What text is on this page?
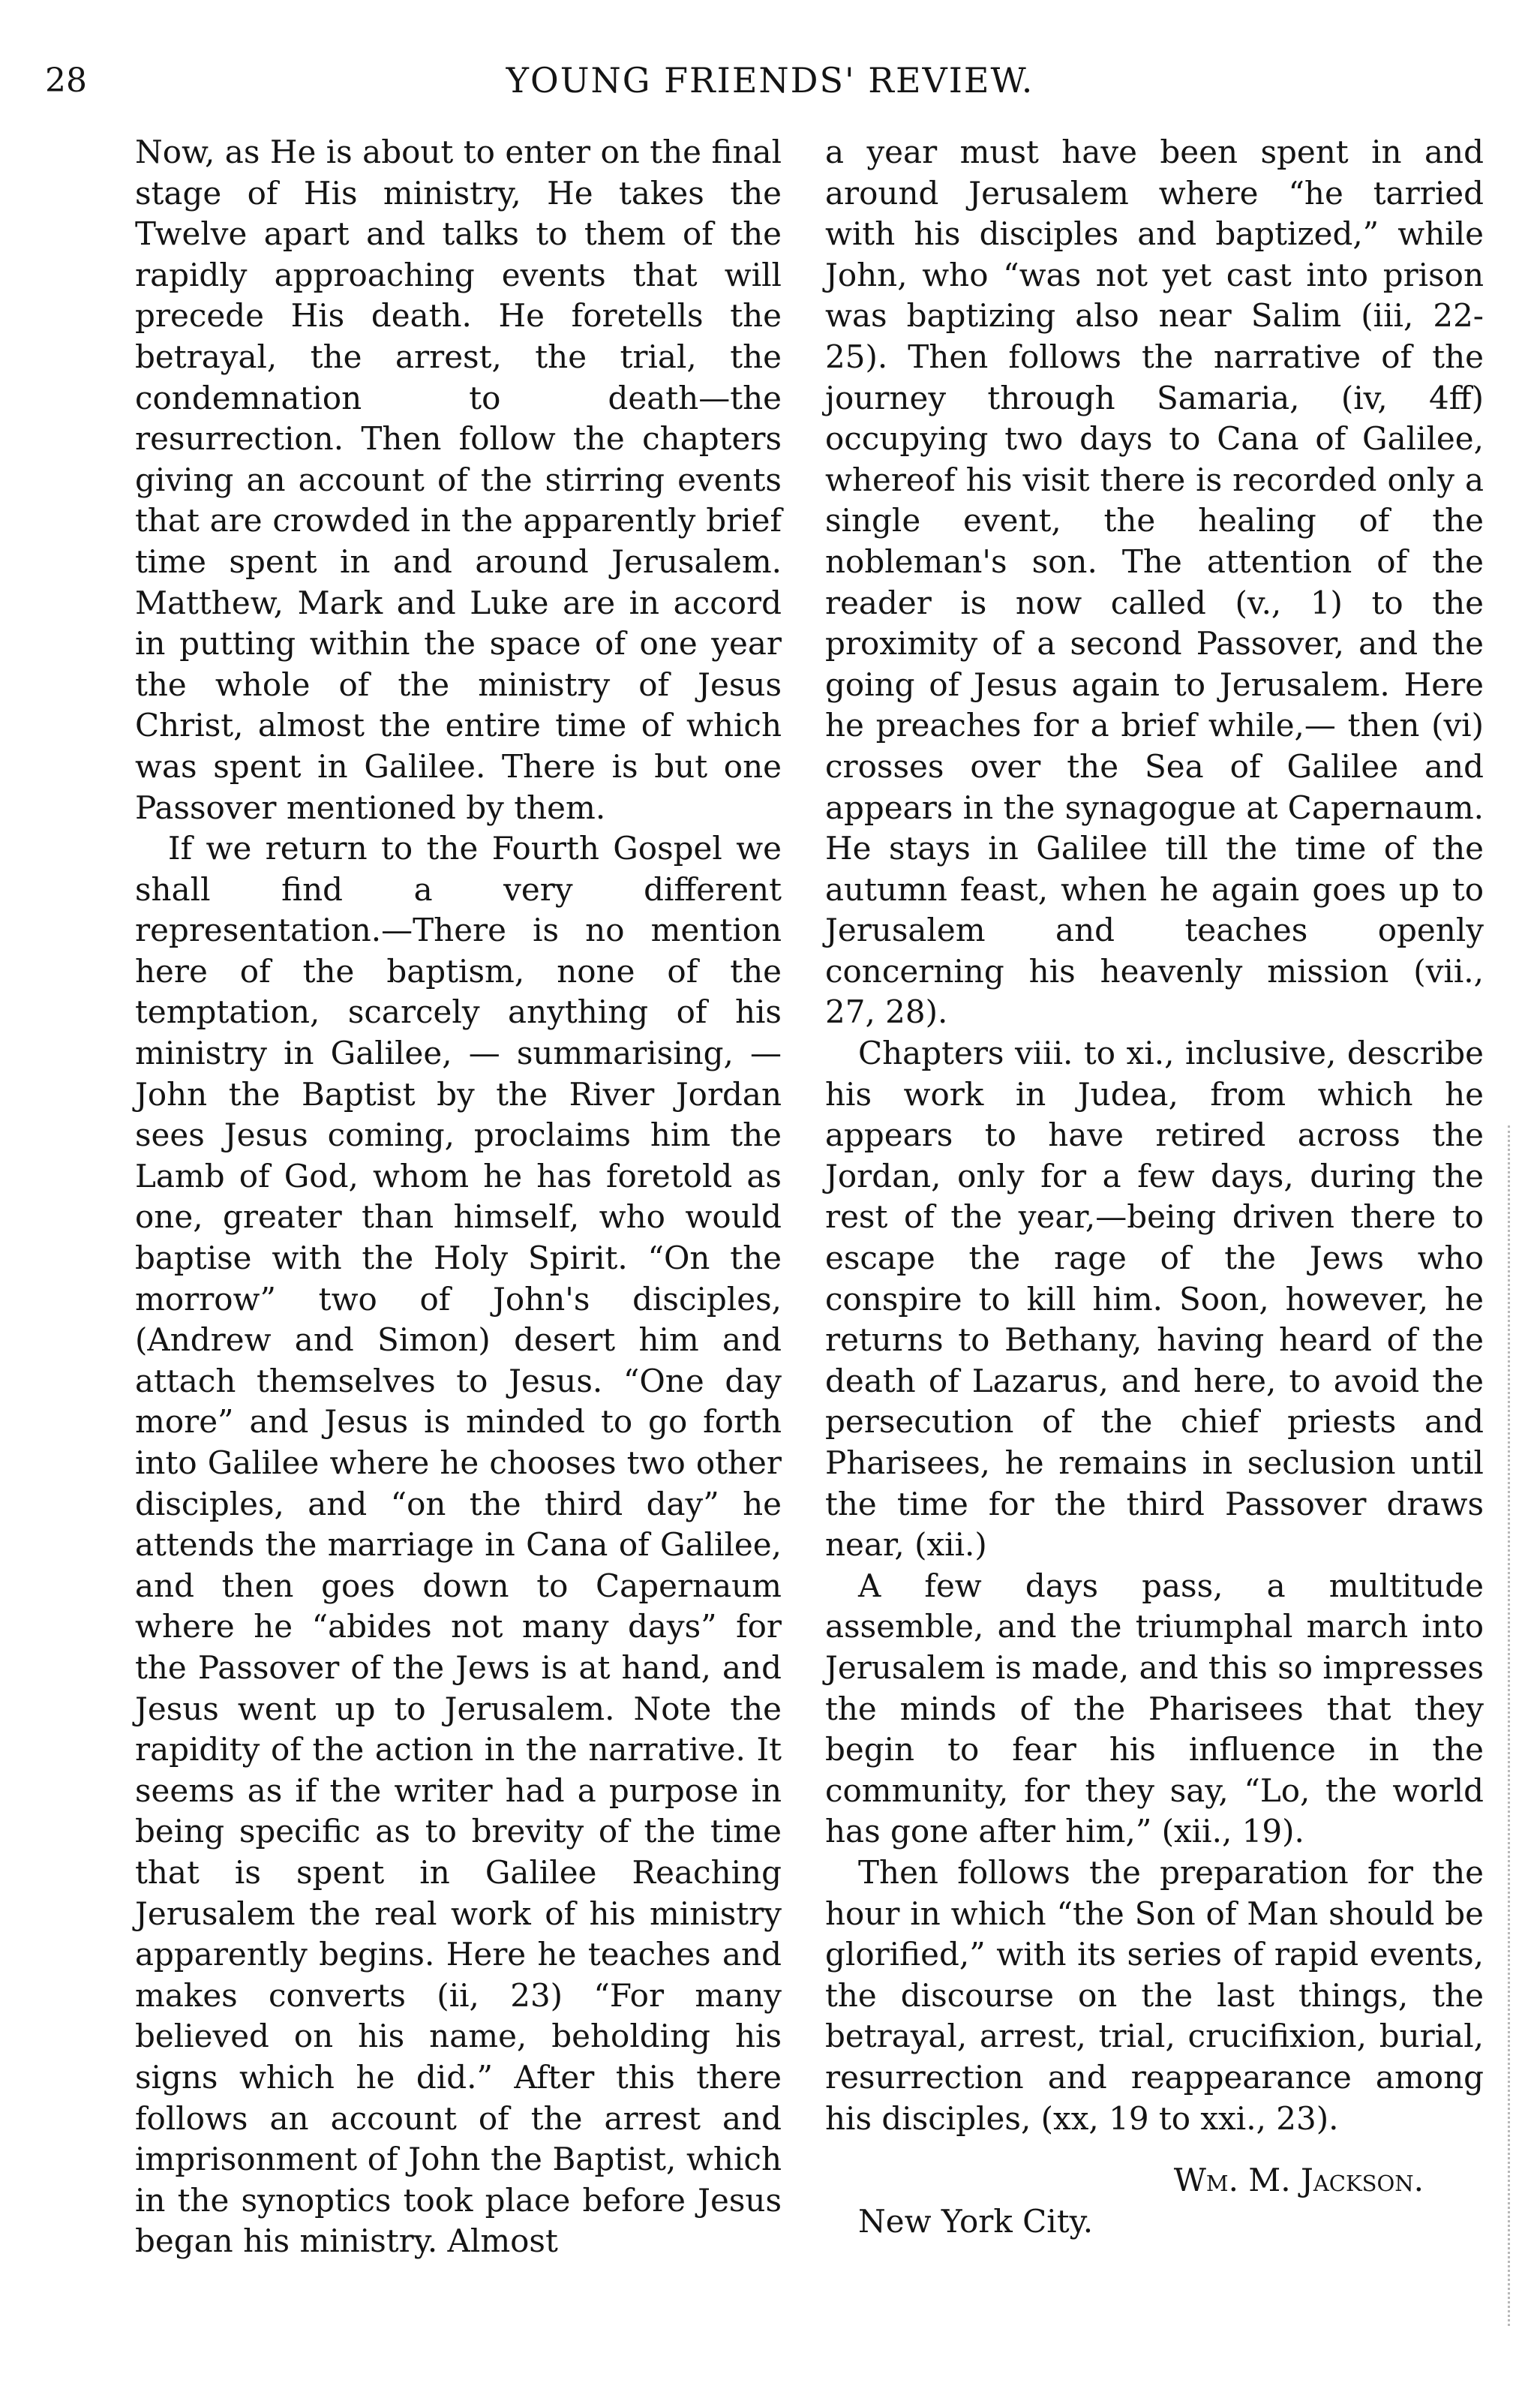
28	YOUNG FRIENDS' REVIEW.

Now, as He is about to enter on the final stage of His ministry, He takes the Twelve apart and talks to them of the rapidly approaching events that will precede His death. He foretells the betrayal, the arrest, the trial, the condemnation to death—the resurrection. Then follow the chapters giving an account of the stirring events that are crowded in the apparently brief time spent in and around Jerusalem. Matthew, Mark and Luke are in accord in putting within the space of one year the whole of the ministry of Jesus Christ, almost the entire time of which was spent in Galilee. There is but one Passover mentioned by them.

If we return to the Fourth Gospel we shall find a very different representation.—There is no mention here of the baptism, none of the temptation, scarcely anything of his ministry in Galilee, — summarising, — John the Baptist by the River Jordan sees Jesus coming, proclaims him the Lamb of God, whom he has foretold as one, greater than himself, who would baptise with the Holy Spirit. “On the morrow” two of John's disciples, (Andrew and Simon) desert him and attach themselves to Jesus. “One day more” and Jesus is minded to go forth into Galilee where he chooses two other disciples, and “on the third day” he attends the marriage in Cana of Galilee, and then goes down to Capernaum where he “abides not many days” for the Passover of the Jews is at hand, and Jesus went up to Jerusalem. Note the rapidity of the action in the narrative. It seems as if the writer had a purpose in being specific as to brevity of the time that is spent in Galilee Reaching Jerusalem the real work of his ministry apparently begins. Here he teaches and makes converts (ii, 23) “For many believed on his name, beholding his signs which he did.” After this there follows an account of the arrest and imprisonment of John the Baptist, which in the synoptics took place before Jesus began his ministry. Almost

a year must have been spent in and around Jerusalem where “he tarried with his disciples and baptized,” while John, who “was not yet cast into prison was baptizing also near Salim (iii, 22-25). Then follows the narrative of the journey through Samaria, (iv, 4ff) occupying two days to Cana of Galilee, whereof his visit there is recorded only a single event, the healing of the nobleman's son. The attention of the reader is now called (v., 1) to the proximity of a second Passover, and the going of Jesus again to Jerusalem. Here he preaches for a brief while,— then (vi) crosses over the Sea of Galilee and appears in the synagogue at Capernaum. He stays in Galilee till the time of the autumn feast, when he again goes up to Jerusalem and teaches openly concerning his heavenly mission (vii., 27, 28).

Chapters viii. to xi., inclusive, describe his work in Judea, from which he appears to have retired across the Jordan, only for a few days, during the rest of the year,—being driven there to escape the rage of the Jews who conspire to kill him. Soon, however, he returns to Bethany, having heard of the death of Lazarus, and here, to avoid the persecution of the chief priests and Pharisees, he remains in seclusion until the time for the third Passover draws near, (xii.)

A few days pass, a multitude assemble, and the triumphal march into Jerusalem is made, and this so impresses the minds of the Pharisees that they begin to fear his influence in the community, for they say, “Lo, the world has gone after him,” (xii., 19).

Then follows the preparation for the hour in which “the Son of Man should be glorified,” with its series of rapid events, the discourse on the last things, the betrayal, arrest, trial, crucifixion, burial, resurrection and reappearance among his disciples, (xx, 19 to xxi., 23).

Wm. M. Jackson.

New York City.
